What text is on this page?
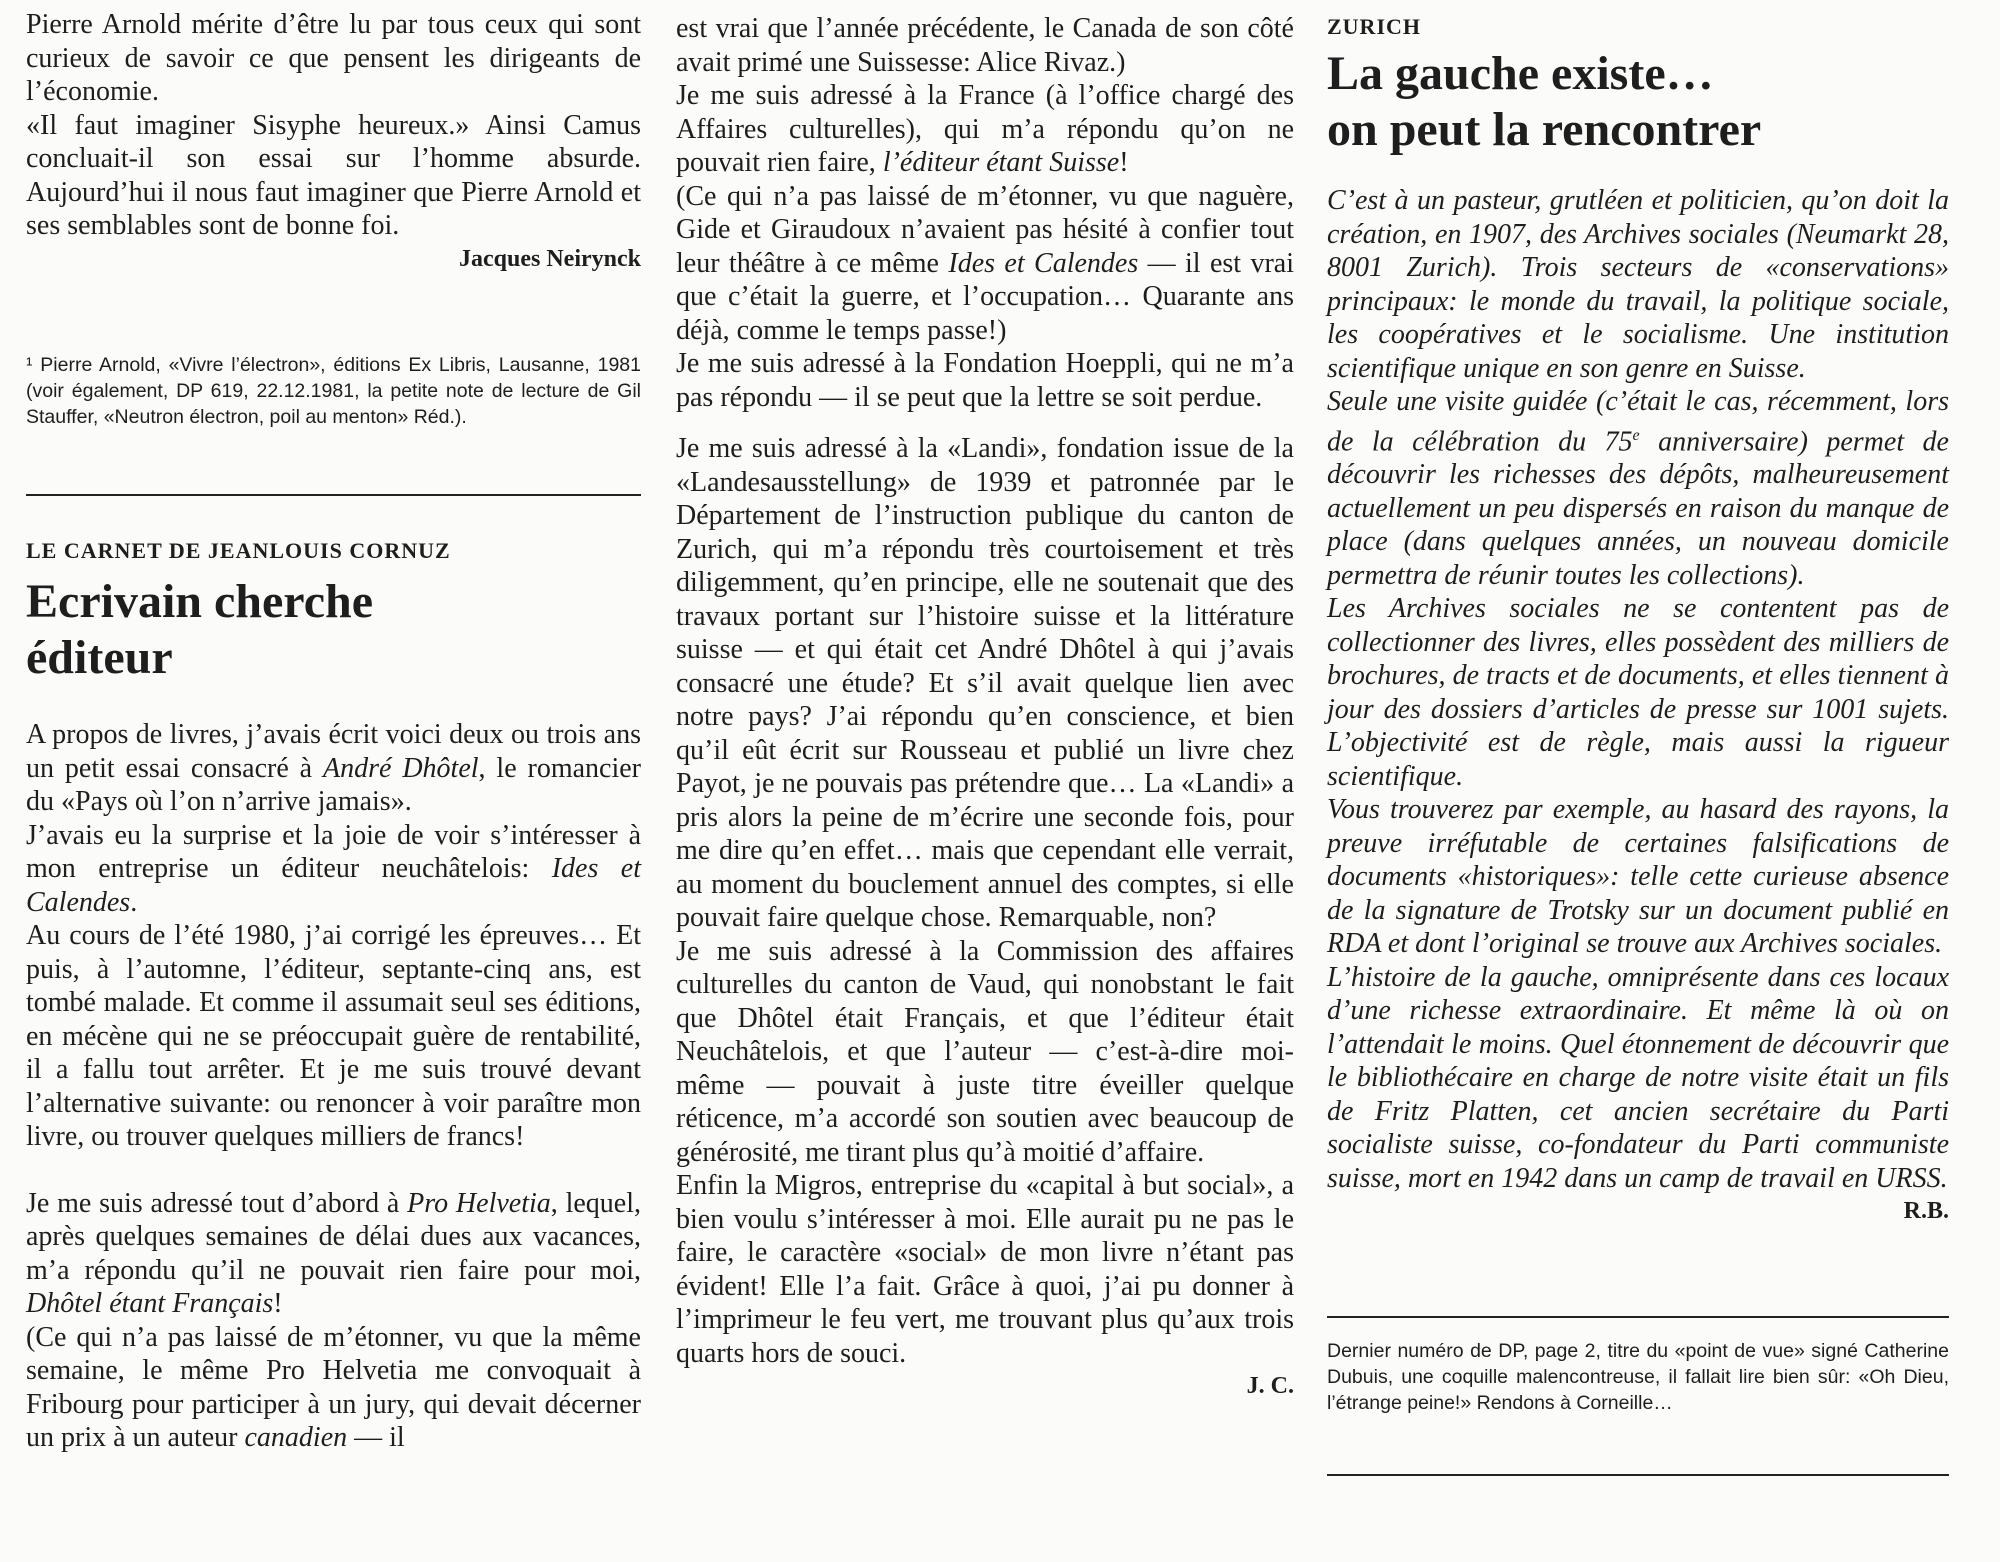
Pierre Arnold mérite d’être lu par tous ceux qui sont curieux de savoir ce que pensent les dirigeants de l’économie.

«Il faut imaginer Sisyphe heureux.» Ainsi Camus concluait-il son essai sur l’homme absurde. Aujourd’hui il nous faut imaginer que Pierre Arnold et ses semblables sont de bonne foi.

Jacques Neirynck

¹ Pierre Arnold, «Vivre l’électron», éditions Ex Libris, Lausanne, 1981 (voir également, DP 619, 22.12.1981, la petite note de lecture de Gil Stauffer, «Neutron électron, poil au menton» Réd.).

LE CARNET DE JEANLOUIS CORNUZ
Ecrivain cherche
éditeur

A propos de livres, j’avais écrit voici deux ou trois ans un petit essai consacré à André Dhôtel, le romancier du «Pays où l’on n’arrive jamais».

J’avais eu la surprise et la joie de voir s’intéresser à mon entreprise un éditeur neuchâtelois: Ides et Calendes.

Au cours de l’été 1980, j’ai corrigé les épreuves… Et puis, à l’automne, l’éditeur, septante-cinq ans, est tombé malade. Et comme il assumait seul ses éditions, en mécène qui ne se préoccupait guère de rentabilité, il a fallu tout arrêter. Et je me suis trouvé devant l’alternative suivante: ou renoncer à voir paraître mon livre, ou trouver quelques milliers de francs!

Je me suis adressé tout d’abord à Pro Helvetia, lequel, après quelques semaines de délai dues aux vacances, m’a répondu qu’il ne pouvait rien faire pour moi, Dhôtel étant Français!

(Ce qui n’a pas laissé de m’étonner, vu que la même semaine, le même Pro Helvetia me convoquait à Fribourg pour participer à un jury, qui devait décerner un prix à un auteur canadien — il

est vrai que l’année précédente, le Canada de son côté avait primé une Suissesse: Alice Rivaz.)

Je me suis adressé à la France (à l’office chargé des Affaires culturelles), qui m’a répondu qu’on ne pouvait rien faire, l’éditeur étant Suisse!

(Ce qui n’a pas laissé de m’étonner, vu que naguère, Gide et Giraudoux n’avaient pas hésité à confier tout leur théâtre à ce même Ides et Calendes — il est vrai que c’était la guerre, et l’occupation… Quarante ans déjà, comme le temps passe!)

Je me suis adressé à la Fondation Hoeppli, qui ne m’a pas répondu — il se peut que la lettre se soit perdue.

Je me suis adressé à la «Landi», fondation issue de la «Landesausstellung» de 1939 et patronnée par le Département de l’instruction publique du canton de Zurich, qui m’a répondu très courtoisement et très diligemment, qu’en principe, elle ne soutenait que des travaux portant sur l’histoire suisse et la littérature suisse — et qui était cet André Dhôtel à qui j’avais consacré une étude? Et s’il avait quelque lien avec notre pays? J’ai répondu qu’en conscience, et bien qu’il eût écrit sur Rousseau et publié un livre chez Payot, je ne pouvais pas prétendre que… La «Landi» a pris alors la peine de m’écrire une seconde fois, pour me dire qu’en effet… mais que cependant elle verrait, au moment du bouclement annuel des comptes, si elle pouvait faire quelque chose. Remarquable, non?

Je me suis adressé à la Commission des affaires culturelles du canton de Vaud, qui nonobstant le fait que Dhôtel était Français, et que l’éditeur était Neuchâtelois, et que l’auteur — c’est-à-dire moi-même — pouvait à juste titre éveiller quelque réticence, m’a accordé son soutien avec beaucoup de générosité, me tirant plus qu’à moitié d’affaire.

Enfin la Migros, entreprise du «capital à but social», a bien voulu s’intéresser à moi. Elle aurait pu ne pas le faire, le caractère «social» de mon livre n’étant pas évident! Elle l’a fait. Grâce à quoi, j’ai pu donner à l’imprimeur le feu vert, me trouvant plus qu’aux trois quarts hors de souci.

J. C.
ZURICH
La gauche existe…
on peut la rencontrer

C’est à un pasteur, grutléen et politicien, qu’on doit la création, en 1907, des Archives sociales (Neumarkt 28, 8001 Zurich). Trois secteurs de «conservations» principaux: le monde du travail, la politique sociale, les coopératives et le socialisme. Une institution scientifique unique en son genre en Suisse.

Seule une visite guidée (c’était le cas, récemment, lors de la célébration du 75e anniversaire) permet de découvrir les richesses des dépôts, malheureusement actuellement un peu dispersés en raison du manque de place (dans quelques années, un nouveau domicile permettra de réunir toutes les collections).

Les Archives sociales ne se contentent pas de collectionner des livres, elles possèdent des milliers de brochures, de tracts et de documents, et elles tiennent à jour des dossiers d’articles de presse sur 1001 sujets. L’objectivité est de règle, mais aussi la rigueur scientifique.

Vous trouverez par exemple, au hasard des rayons, la preuve irréfutable de certaines falsifications de documents «historiques»: telle cette curieuse absence de la signature de Trotsky sur un document publié en RDA et dont l’original se trouve aux Archives sociales.

L’histoire de la gauche, omniprésente dans ces locaux d’une richesse extraordinaire. Et même là où on l’attendait le moins. Quel étonnement de découvrir que le bibliothécaire en charge de notre visite était un fils de Fritz Platten, cet ancien secrétaire du Parti socialiste suisse, co-fondateur du Parti communiste suisse, mort en 1942 dans un camp de travail en URSS.

R.B.

Dernier numéro de DP, page 2, titre du «point de vue» signé Catherine Dubuis, une coquille malencontreuse, il fallait lire bien sûr: «Oh Dieu, l’étrange peine!» Rendons à Corneille…
